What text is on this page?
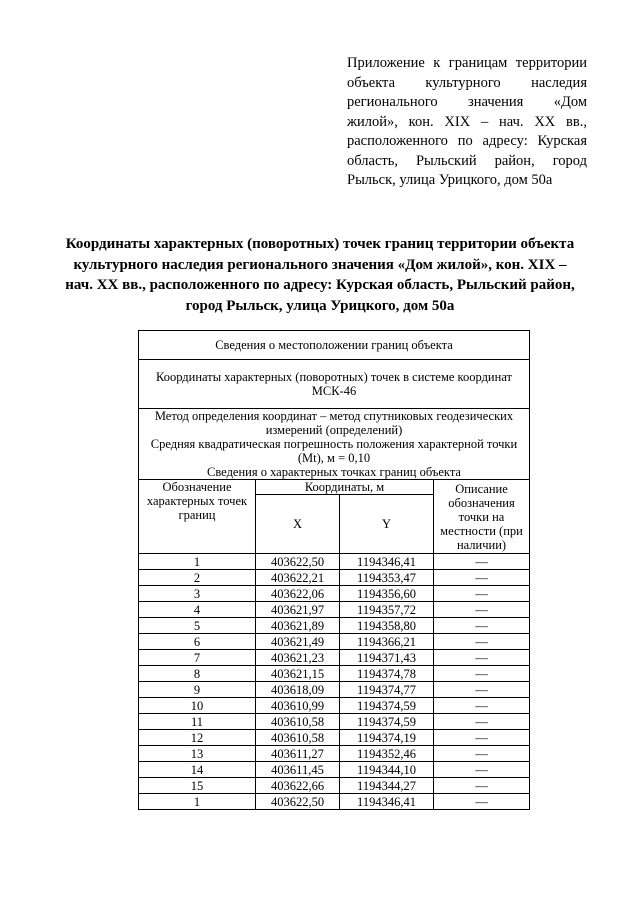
Приложение к границам территории объекта культурного наследия регионального значения «Дом жилой», кон. XIX – нач. XX вв., расположенного по адресу: Курская область, Рыльский район, город Рыльск, улица Урицкого, дом 50а

Координаты характерных (поворотных) точек границ территории объекта культурного наследия регионального значения «Дом жилой», кон. XIX – нач. XX вв., расположенного по адресу: Курская область, Рыльский район, город Рыльск, улица Урицкого, дом 50а

Сведения о местоположении границ объекта			
Координаты характерных (поворотных) точек в системе координат МСК-46			

Метод определения координат – метод спутниковых геодезических измерений (определений)
Средняя квадратическая погрешность положения характерной точки (Mt), м = 0,10
Сведения о характерных точках границ объекта			

Обозначение характерных точек границ	Координаты, м		Описание обозначения точки на местности (при наличии)
	X	Y	
1	403622,50	1194346,41	—
2	403622,21	1194353,47	—
3	403622,06	1194356,60	—
4	403621,97	1194357,72	—
5	403621,89	1194358,80	—
6	403621,49	1194366,21	—
7	403621,23	1194371,43	—
8	403621,15	1194374,78	—
9	403618,09	1194374,77	—
10	403610,99	1194374,59	—
11	403610,58	1194374,59	—
12	403610,58	1194374,19	—
13	403611,27	1194352,46	—
14	403611,45	1194344,10	—
15	403622,66	1194344,27	—
1	403622,50	1194346,41	—
